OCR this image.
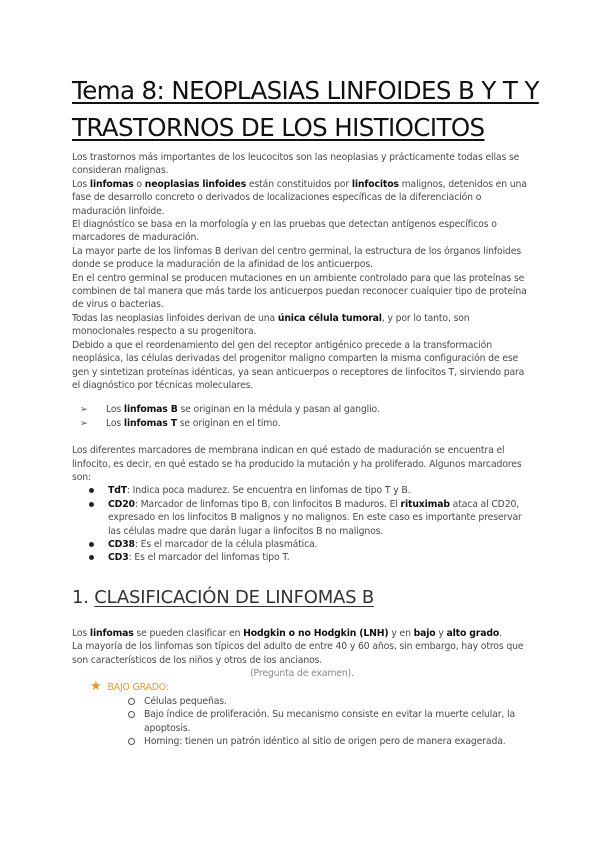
Tema 8: NEOPLASIAS LINFOIDES B Y T Y
TRASTORNOS DE LOS HISTIOCITOS

Los trastornos más importantes de los leucocitos son las neoplasias y prácticamente todas ellas se consideran malignas.

Los linfomas o neoplasias linfoides están constituidos por linfocitos malignos, detenidos en una fase de desarrollo concreto o derivados de localizaciones específicas de la diferenciación o maduración linfoide.

El diagnóstico se basa en la morfología y en las pruebas que detectan antígenos específicos o marcadores de maduración.

La mayor parte de los linfomas B derivan del centro germinal, la estructura de los órganos linfoides donde se produce la maduración de la afinidad de los anticuerpos.

En el centro germinal se producen mutaciones en un ambiente controlado para que las proteínas se combinen de tal manera que más tarde los anticuerpos puedan reconocer cualquier tipo de proteína de virus o bacterias.

Todas las neoplasias linfoides derivan de una única célula tumoral, y por lo tanto, son monoclonales respecto a su progenitora.

Debido a que el reordenamiento del gen del receptor antigénico precede a la transformación neoplásica, las células derivadas del progenitor maligno comparten la misma configuración de ese gen y sintetizan proteínas idénticas, ya sean anticuerpos o receptores de linfocitos T, sirviendo para el diagnóstico por técnicas moleculares.

➢ Los linfomas B se originan en la médula y pasan al ganglio.
➢ Los linfomas T se originan en el timo.

Los diferentes marcadores de membrana indican en qué estado de maduración se encuentra el linfocito, es decir, en qué estado se ha producido la mutación y ha proliferado. Algunos marcadores son:

TdT: Indica poca madurez. Se encuentra en linfomas de tipo T y B.
CD20: Marcador de linfomas tipo B, con linfocitos B maduros. El rituximab ataca al CD20, expresado en los linfocitos B malignos y no malignos. En este caso es importante preservar las células madre que darán lugar a linfocitos B no malignos.
CD38: Es el marcador de la célula plasmática.
CD3: Es el marcador del linfomas tipo T.
1. CLASIFICACIÓN DE LINFOMAS B

Los linfomas se pueden clasificar en Hodgkin o no Hodgkin (LNH) y en bajo y alto grado.

La mayoría de los linfomas son típicos del adulto de entre 40 y 60 años, sin embargo, hay otros que son característicos de los niños y otros de los ancianos.

(Pregunta de examen).

★ BAJO GRADO:

Células pequeñas.
Bajo índice de proliferación. Su mecanismo consiste en evitar la muerte celular, la apoptosis.
Homing: tienen un patrón idéntico al sitio de origen pero de manera exagerada.
